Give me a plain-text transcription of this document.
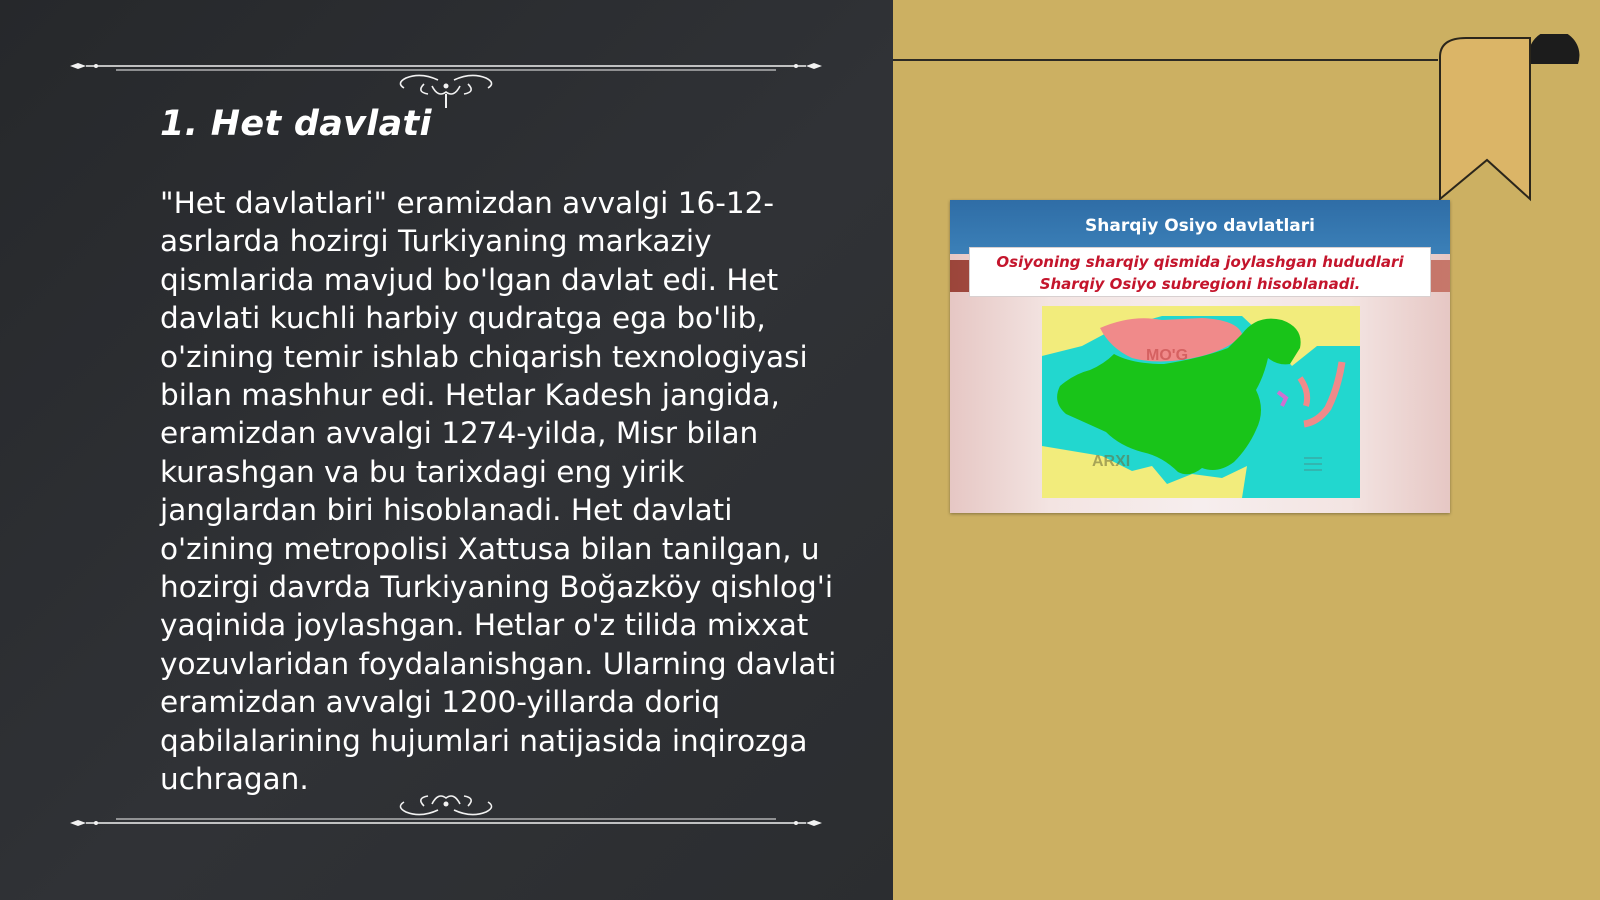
1. Het davlati

"Het davlatlari" eramizdan avvalgi 16-12-asrlarda hozirgi Turkiyaning markaziy qismlarida mavjud bo'lgan davlat edi. Het davlati kuchli harbiy qudratga ega bo'lib, o'zining temir ishlab chiqarish texnologiyasi bilan mashhur edi. Hetlar Kadesh jangida, eramizdan avvalgi 1274-yilda, Misr bilan kurashgan va bu tarixdagi eng yirik janglardan biri hisoblanadi. Het davlati o'zining metropolisi Xattusa bilan tanilgan, u hozirgi davrda Turkiyaning Boğazköy qishlog'i yaqinida joylashgan. Hetlar o'z tilida mixxat yozuvlaridan foydalanishgan. Ularning davlati eramizdan avvalgi 1200-yillarda doriq qabilalarining hujumlari natijasida inqirozga uchragan.

Sharqiy Osiyo davlatlari
Osiyoning sharqiy qismida joylashgan hududlari Sharqiy Osiyo subregioni hisoblanadi.
MO'G
ARXI
